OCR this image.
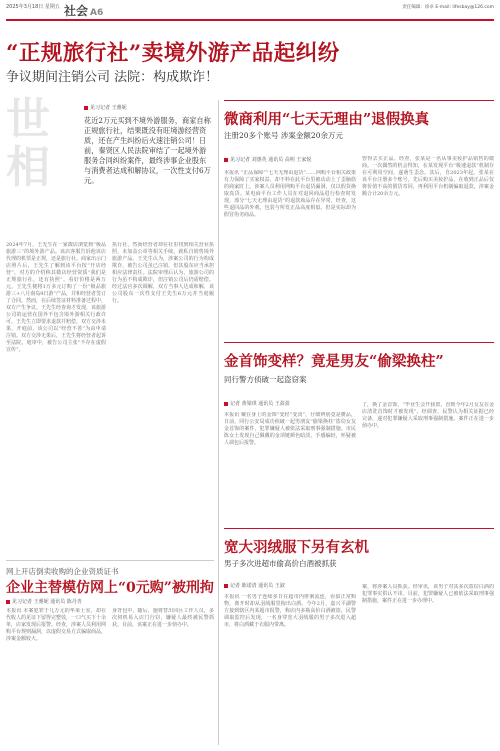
2025年3月18日 星期五 社会 A6
责任编辑：徐卓 E-mail: lifesbay@126.com
“正规旅行社”卖境外游产品起纠纷
争议期间注销公司 法院：构成欺诈！
世相
见习记者 王雅妮
花近2万元买到不境外游服务，商家自称正规旅行社，结果既没有旺境游经营资质，还在产生纠纷后火速注销公司！日前，秦贤区人民法院审结了一起境外游服务合同纠纷案件，最终涉事企业股东与消费者达成和解协议，一次性支付6万元。
2024年7月，王先生在一家微店浏览到“极品旅游三”的境外游产品。该店客服告诉他该店代理的机票是正规，还是旅行社。商家出示门店照片后，王先生了解到该平台按“开店经营”，对方的介绍称其微店经营资质“我们是正规旅行社，还有执照”。看好价格是两万元，王先生便将1万多元订购了一份“极品旅游三+八月南岛9日游”产品，并和经营者签订了合同。然而，在后续签证材料准备过程中，双方产生争议。王先生经查询才发现，该旅游公司的运营在国外不包含境外游相关行政许可。王先生立即要求退款并赔偿，双方交涉未果，开庭前，该公司以“经营不善”为由申请注销。双方交涉无果后，王先生将经营者起诉至法院。庭审中，被告公司主张“不存在虚假宣传”。
执行社，然而经营者却在社里找到相关营业执照，未加盖公章等相关手续，就私自销售境外旅游产品。王先生认为，涉案公司的行为构成欺诈，被告公司虽已注销，但其股东应当承担相应法律责任。法院审理后认为，旅游公司的行为虽不构成欺诈，但注销公司后仍需赔偿。经过法官多次调解，双方当事人达成和解，该公司股东一次性支付王先生6万元并当庭履行。
网上开店倒卖收购的企业资质证书
企业主替模仿网上“0元购”被刑拘
见习记者 王雅妮 通讯员 陈丹青
本报讯 本案犯罪于几万元的华莱士室，却在代收人的见证下留得完整效，一口气买下十余单，店家发现后报警。经查，涉案人员利用网购平台规则漏洞，以虚假交易方式骗取商品，涉案金额较大。
身背包中，随后，施将替出同区工作人员，多次伺机易入店门行窃，嫌疑人最终被民警抓获。目前，该案正在进一步侦办中。
微商利用“七天无理由”退假换真
注册20多个账号 涉案金额20余万元
见习记者 刘惠英 通讯员 高明 王家悦
本报讯 “正品保障”“七天无理由退货”……网购平台相关政策有力保障了买家权益，却不料在此平台里被动动上了歪脑筋的商家盯上。涉案人员利用网购平台退货漏洞，仅以假货换取真货。某电商平台工作人员在对退回商品进行检查时发现，部分“七天无理由退货”的退款商品存在异常，经查，这些退回品的外观、包装与所发正品高度相似。但是实际却为假冒伪劣商品。
曾得去买正品。经查，张某是一名从事美妆护品销售的微商。一次偶然的机会得知，在某发现平台“极速退款”机制存在可利用空间，遂萌生歪念。其后，自2023年起，张某在该平台注册多个账号，先后购买美妆护品，在收到正品后仅将价值不高的假货寄回，再利用平台机制骗取退款，涉案金额合计20余万元。
金首饰变样？竟是男友“偷梁换柱”
同行警方侦破一起盗窃案
记者 黄梁琪 通讯员 王盈盈
本报讯 戴在身上的金饰“变轻“变淡”，仔细辨别竟是赝品，日前，同行公安局成功侦破一起男朋友“偷梁换柱”盗窃女友金首饰的案件，犯罪嫌疑人被依法采取刑事强制措施。市民陈女士发现自己佩戴的金项链颜色暗淡、手感偏轻，怀疑被人调包后报警。
了，换了金首饰，“毕业生会开我置，直到今年2月女友在金店清洗首饰时才被发现”。经调查，民警认为相关证据已经完备，遂对犯罪嫌疑人采取刑事强制措施。案件正在进一步侦办中。
宽大羽绒服下另有玄机
男子多次进超市偷高价白酒被抓获
记者 陈诺清 通讯员 王淑
本报讯 一名男子连续多日在超市内徘徊流连，看似正常购物，离开时却从羽绒服里掏出白酒。今年2月，嘉兴平湖警方接到辖区内某超市报警，称店内多瓶高价白酒被盗，民警调取监控后发现，一名身穿宽大羽绒服的男子多次进入超市，将白酒藏于衣服内带离。
案，将涉案人员抓获。经审讯，该男子对其多次盗窃白酒的犯罪事实供认不讳。目前，犯罪嫌疑人已被依法采取刑事强制措施，案件正在进一步办理中。
